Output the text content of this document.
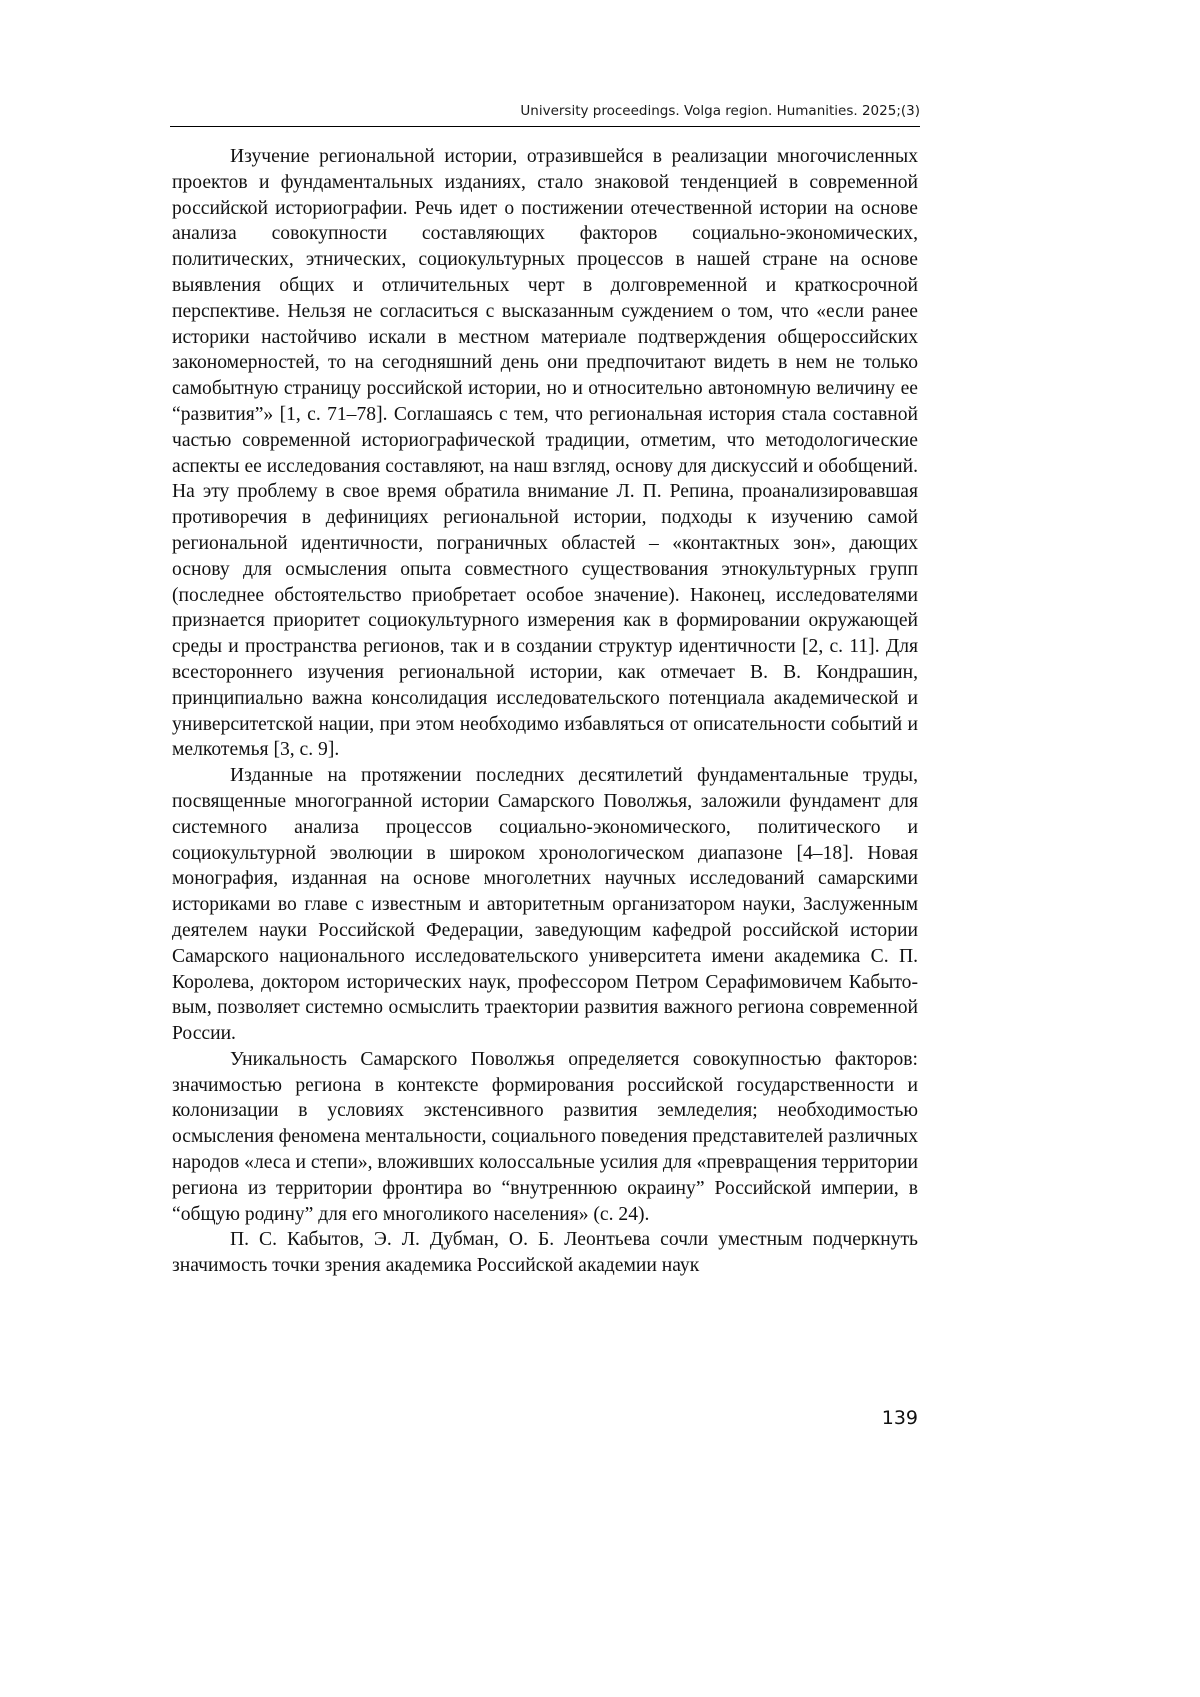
University proceedings. Volga region. Humanities. 2025;(3)

Изучение региональной истории, отразившейся в реализации многочисленных проектов и фундаментальных изданиях, стало знаковой тенденцией в современной российской историографии. Речь идет о постижении отечественной истории на основе анализа совокупности составляющих факторов социально-экономических, политических, этнических, социокультурных процессов в нашей стране на основе выявления общих и отличительных черт в долговременной и краткосрочной перспективе. Нельзя не согласиться с высказанным суждением о том, что «если ранее историки настойчиво искали в местном материале подтверждения общероссийских закономерностей, то на сегодняшний день они предпочитают видеть в нем не только самобытную страницу российской истории, но и относительно автономную величину ее “развития”» [1, с. 71–78]. Соглашаясь с тем, что региональная история стала составной частью современной историографической традиции, отметим, что методологические аспекты ее исследования составляют, на наш взгляд, основу для дискуссий и обобщений. На эту проблему в свое время обратила внимание Л. П. Репина, проанализировавшая противоречия в дефинициях региональной истории, подходы к изучению самой региональной идентичности, пограничных областей – «контактных зон», дающих основу для осмысления опыта совместного существования этнокультурных групп (последнее обстоятельство приобретает особое значение). Наконец, исследователями признается приоритет социокультурного измерения как в формировании окружающей среды и пространства регионов, так и в создании структур идентичности [2, с. 11]. Для всестороннего изучения региональной истории, как отмечает В. В. Кондрашин, принципиально важна консолидация исследовательского потенциала академической и университетской нации, при этом необходимо избавляться от описательности событий и мелкотемья [3, с. 9].

Изданные на протяжении последних десятилетий фундаментальные труды, посвященные многогранной истории Самарского Поволжья, заложили фундамент для системного анализа процессов социально-экономического, политического и социокультурной эволюции в широком хронологическом диапазоне [4–18]. Новая монография, изданная на основе многолетних научных исследований самарскими историками во главе с известным и авторитетным организатором науки, Заслуженным деятелем науки Российской Федерации, заведующим кафедрой российской истории Самарского национального исследовательского университета имени академика С. П. Королева, доктором исторических наук, профессором Петром Серафимовичем Кабытовым, позволяет системно осмыслить траектории развития важного региона современной России.

Уникальность Самарского Поволжья определяется совокупностью факторов: значимостью региона в контексте формирования российской государственности и колонизации в условиях экстенсивного развития земледелия; необходимостью осмысления феномена ментальности, социального поведения представителей различных народов «леса и степи», вложивших колоссальные усилия для «превращения территории региона из территории фронтира во “внутреннюю окраину” Российской империи, в “общую родину” для его многоликого населения» (с. 24).

П. С. Кабытов, Э. Л. Дубман, О. Б. Леонтьева сочли уместным подчеркнуть значимость точки зрения академика Российской академии наук

139
